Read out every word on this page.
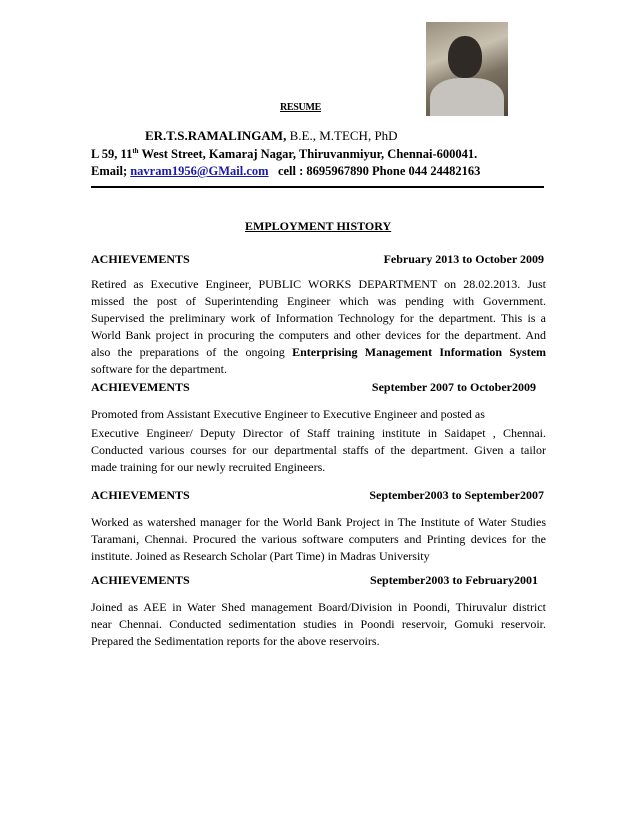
RESUME
ER.T.S.RAMALINGAM, B.E., M.TECH, PhD
L 59, 11th West Street, Kamaraj Nagar, Thiruvanmiyur, Chennai-600041.
Email; navram1956@GMail.com cell : 8695967890 Phone 044 24482163
EMPLOYMENT HISTORY
ACHIEVEMENTS	February 2013 to October 2009
Retired as Executive Engineer, PUBLIC WORKS DEPARTMENT on 28.02.2013. Just
missed the post of Superintending Engineer which was pending with Government.
Supervised the preliminary work of Information Technology for the department. This is a
World Bank project in procuring the computers and other devices for the department. And
also the preparations of the ongoing Enterprising Management Information System
software for the department.
ACHIEVEMENTS	September 2007 to October2009
Promoted from Assistant Executive Engineer to Executive Engineer and posted as
Executive Engineer/ Deputy Director of Staff training institute in Saidapet , Chennai.
Conducted various courses for our departmental staffs of the department. Given a tailor
made training for our newly recruited Engineers.
ACHIEVEMENTS	September2003 to September2007
Worked as watershed manager for the World Bank Project in The Institute of Water Studies
Taramani, Chennai. Procured the various software computers and Printing devices for the
institute. Joined as Research Scholar (Part Time) in Madras University
ACHIEVEMENTS	September2003 to February2001
Joined as AEE in Water Shed management Board/Division in Poondi, Thiruvalur district
near Chennai. Conducted sedimentation studies in Poondi reservoir, Gomuki reservoir.
Prepared the Sedimentation reports for the above reservoirs.
